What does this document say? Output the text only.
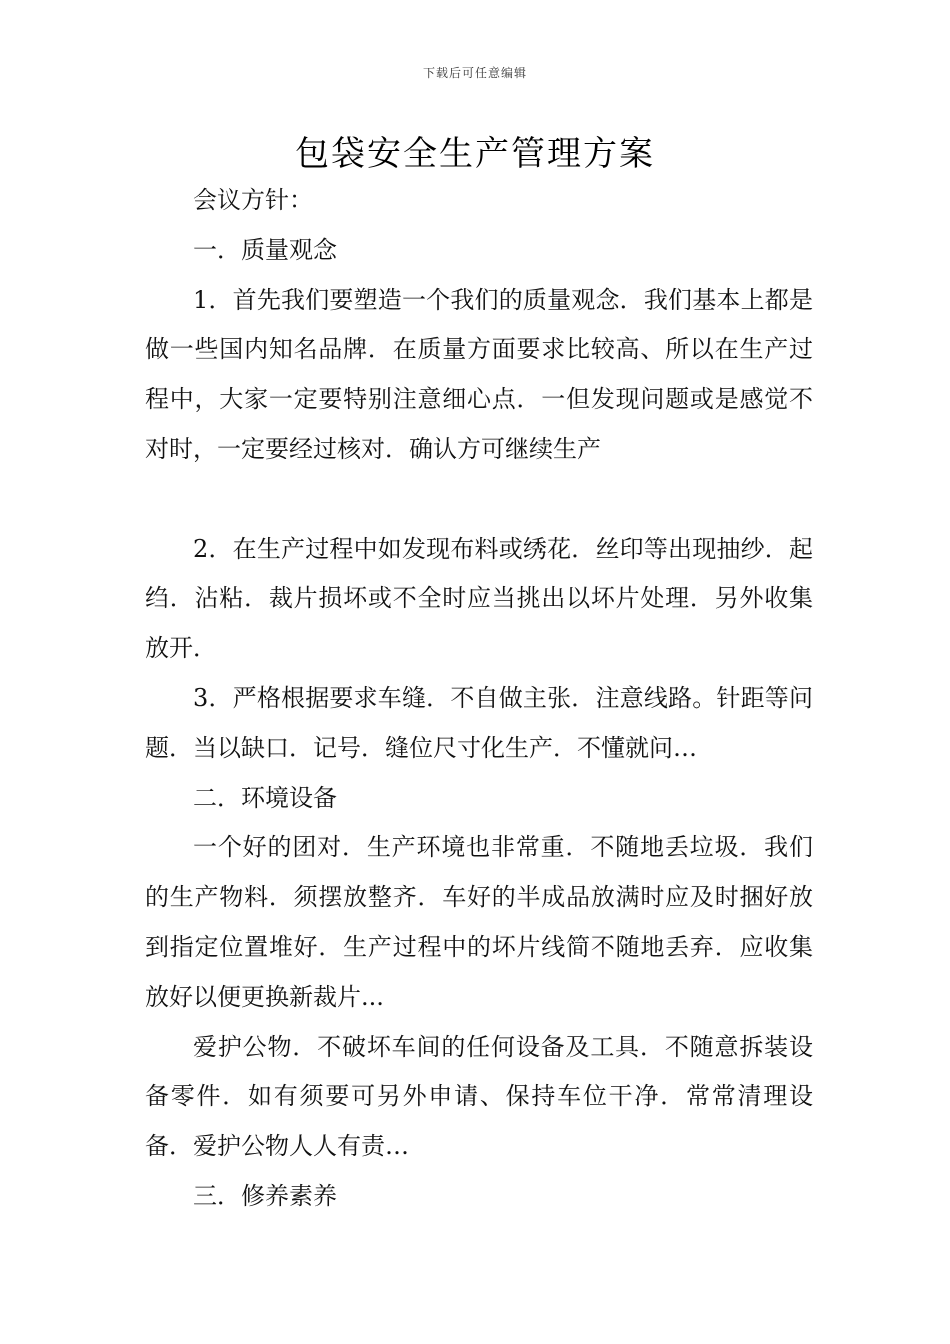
下载后可任意编辑
包袋安全生产管理方案

会议方针：

一．质量观念

1．首先我们要塑造一个我们的质量观念．我们基本上都是做一些国内知名品牌．在质量方面要求比较高、所以在生产过程中，大家一定要特别注意细心点．一但发现问题或是感觉不对时，一定要经过核对．确认方可继续生产

2．在生产过程中如发现布料或绣花．丝印等出现抽纱．起绉．沾粘．裁片损坏或不全时应当挑出以坏片处理．另外收集放开．

3．严格根据要求车缝．不自做主张．注意线路。针距等问题．当以缺口．记号．缝位尺寸化生产．不懂就问…

二．环境设备

一个好的团对．生产环境也非常重．不随地丢垃圾．我们的生产物料．须摆放整齐．车好的半成品放满时应及时捆好放到指定位置堆好．生产过程中的坏片线简不随地丢弃．应收集放好以便更换新裁片...

爱护公物．不破坏车间的任何设备及工具．不随意拆装设备零件．如有须要可另外申请、保持车位干净．常常清理设备．爱护公物人人有责…

三．修养素养
